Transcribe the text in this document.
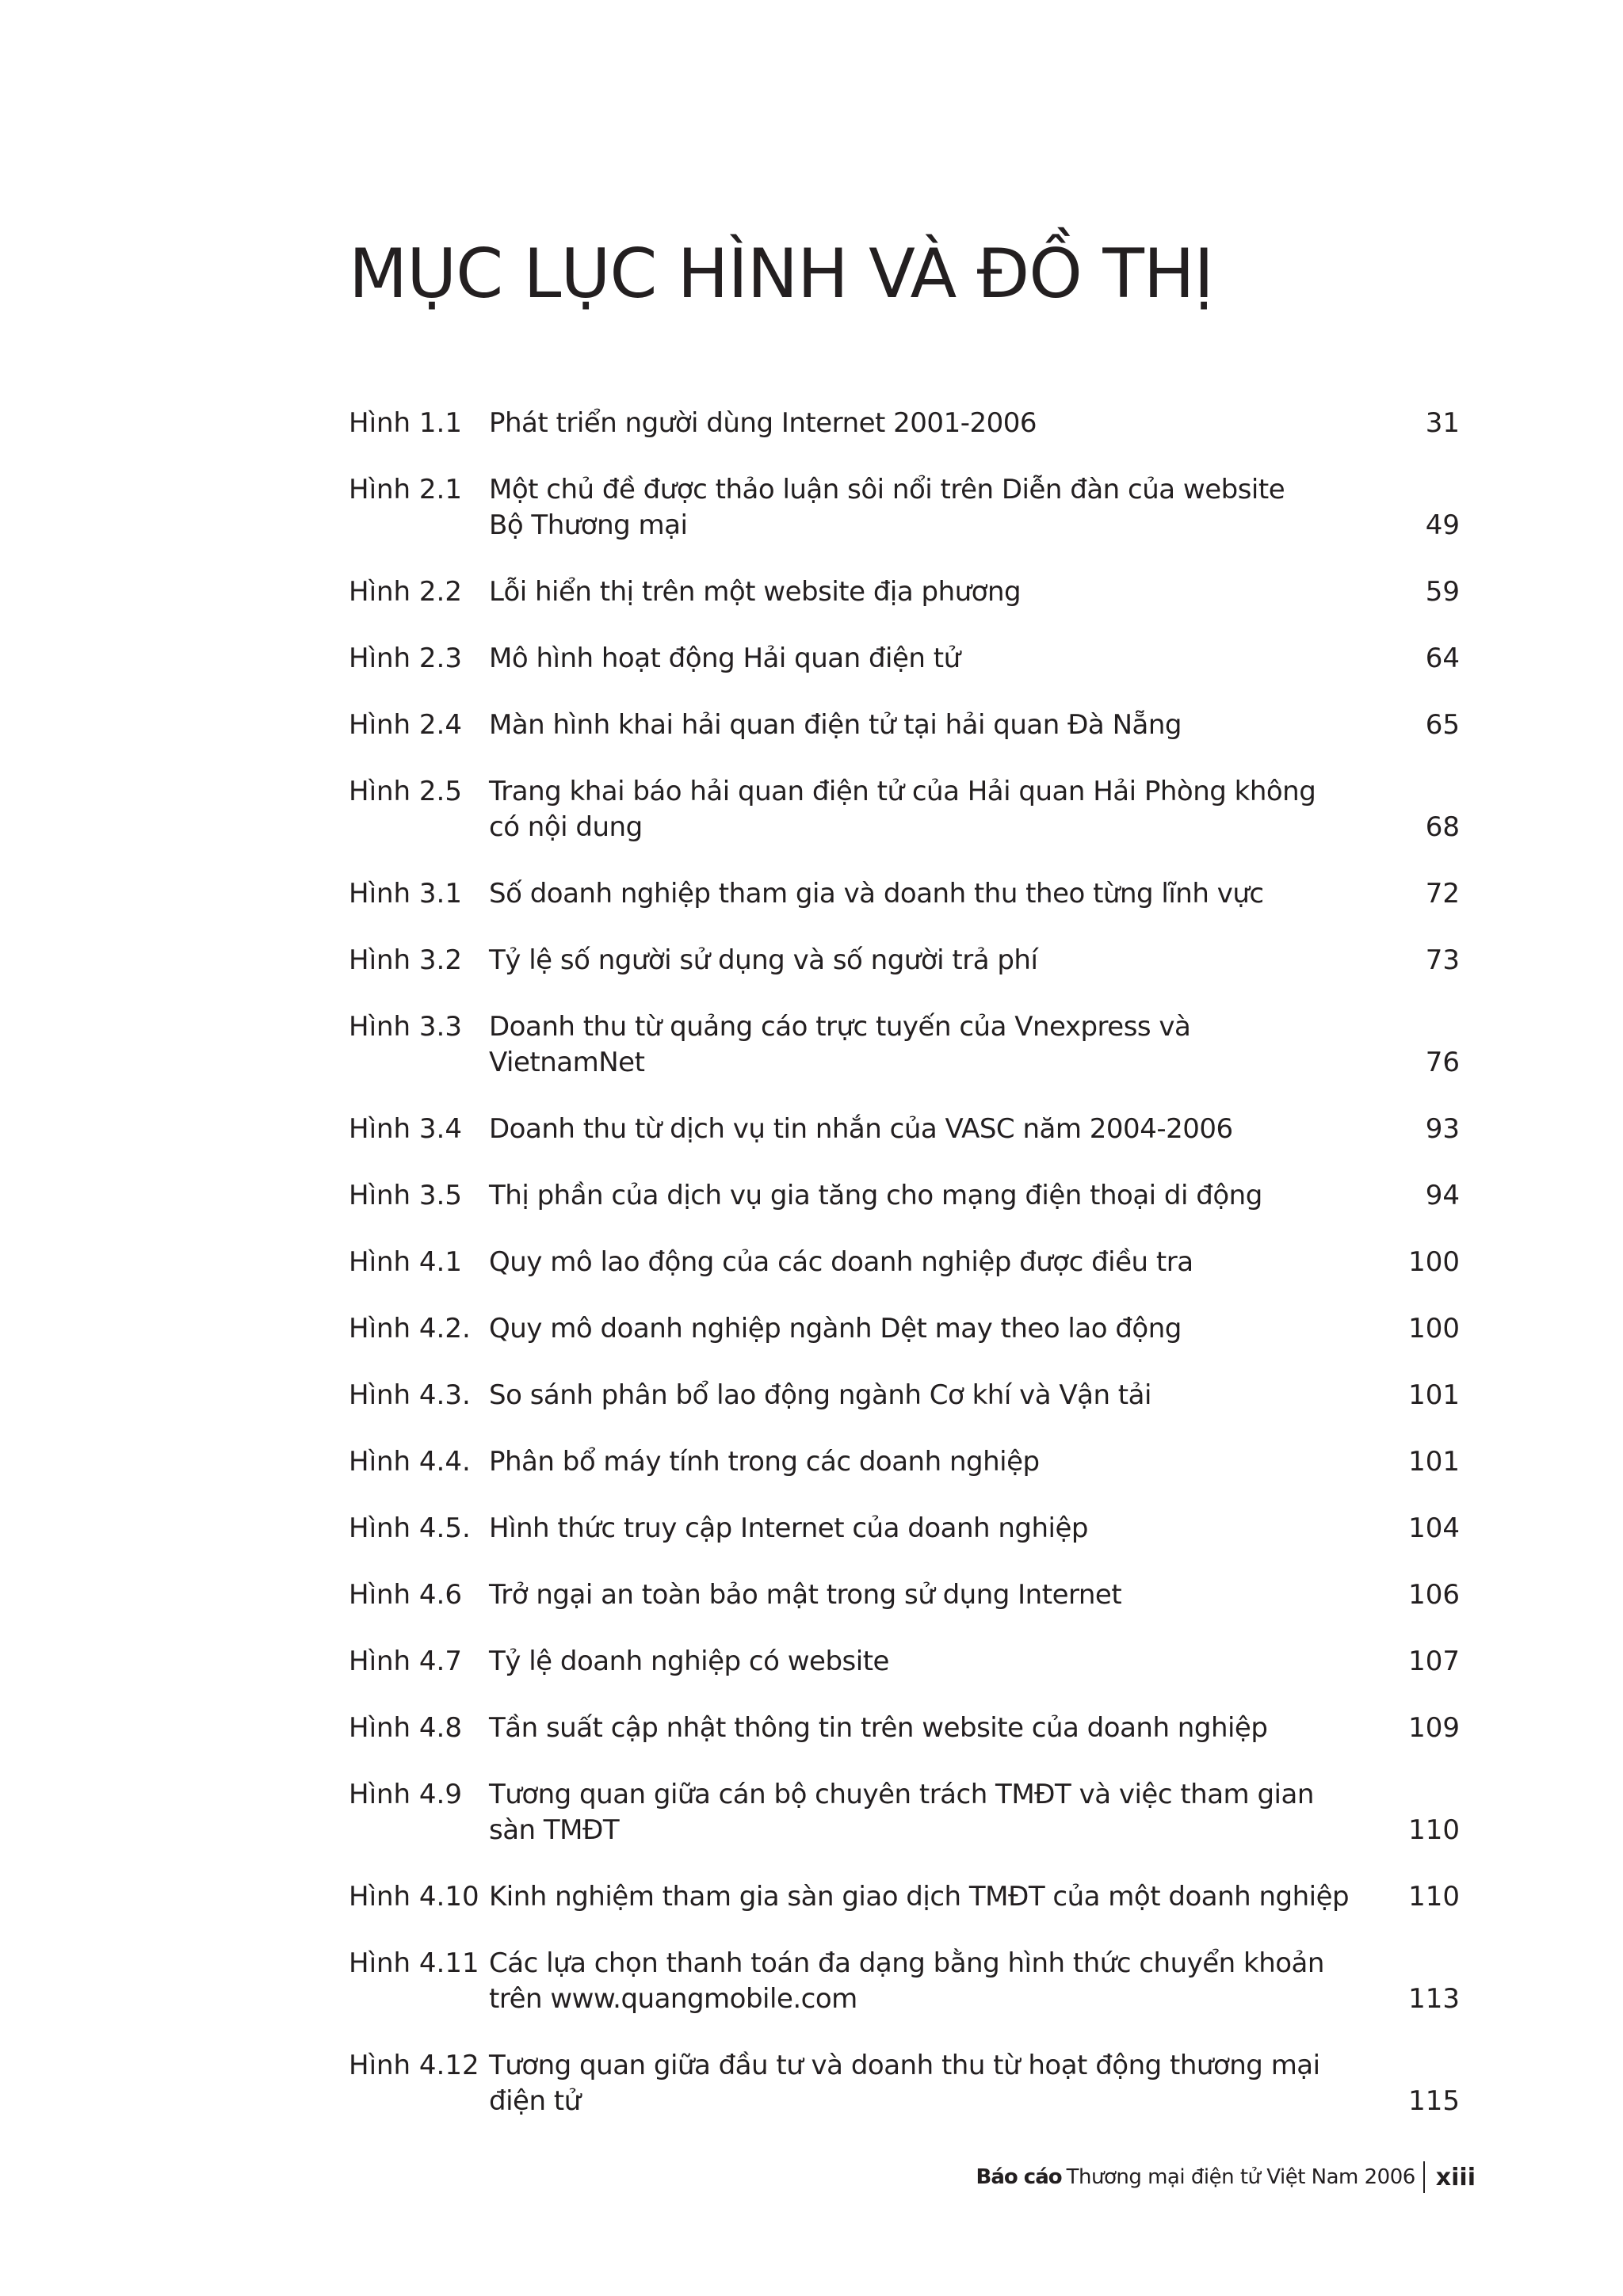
MỤC LỤC HÌNH VÀ ĐỒ THỊ
Hình 1.1	Phát triển người dùng Internet 2001-2006	31
Hình 2.1	Một chủ đề được thảo luận sôi nổi trên Diễn đàn của website
Bộ Thương mại	49
Hình 2.2	Lỗi hiển thị trên một website địa phương	59
Hình 2.3	Mô hình hoạt động Hải quan điện tử	64
Hình 2.4	Màn hình khai hải quan điện tử tại hải quan Đà Nẵng	65
Hình 2.5	Trang khai báo hải quan điện tử của Hải quan Hải Phòng không có nội dung	68
Hình 3.1	Số doanh nghiệp tham gia và doanh thu theo từng lĩnh vực	72
Hình 3.2	Tỷ lệ số người sử dụng và số người trả phí	73
Hình 3.3	Doanh thu từ quảng cáo trực tuyến của Vnexpress và VietnamNet	76
Hình 3.4	Doanh thu từ dịch vụ tin nhắn của VASC năm 2004-2006	93
Hình 3.5	Thị phần của dịch vụ gia tăng cho mạng điện thoại di động	94
Hình 4.1	Quy mô lao động của các doanh nghiệp được điều tra	100
Hình 4.2. Quy mô doanh nghiệp ngành Dệt may theo lao động	100
Hình 4.3. So sánh phân bổ lao động ngành Cơ khí và Vận tải	101
Hình 4.4. Phân bổ máy tính trong các doanh nghiệp	101
Hình 4.5. Hình thức truy cập Internet của doanh nghiệp	104
Hình 4.6	Trở ngại an toàn bảo mật trong sử dụng Internet	106
Hình 4.7	Tỷ lệ doanh nghiệp có website	107
Hình 4.8	Tần suất cập nhật thông tin trên website của doanh nghiệp	109
Hình 4.9	Tương quan giữa cán bộ chuyên trách TMĐT và việc tham gian sàn TMĐT	110
Hình 4.10 Kinh nghiệm tham gia sàn giao dịch TMĐT của một doanh nghiệp	110
Hình 4.11 Các lựa chọn thanh toán đa dạng bằng hình thức chuyển khoản
trên www.quangmobile.com	113
Hình 4.12 Tương quan giữa đầu tư và doanh thu từ hoạt động thương mại điện tử	115
Báo cáo Thương mại điện tử Việt Nam 2006 xiii
